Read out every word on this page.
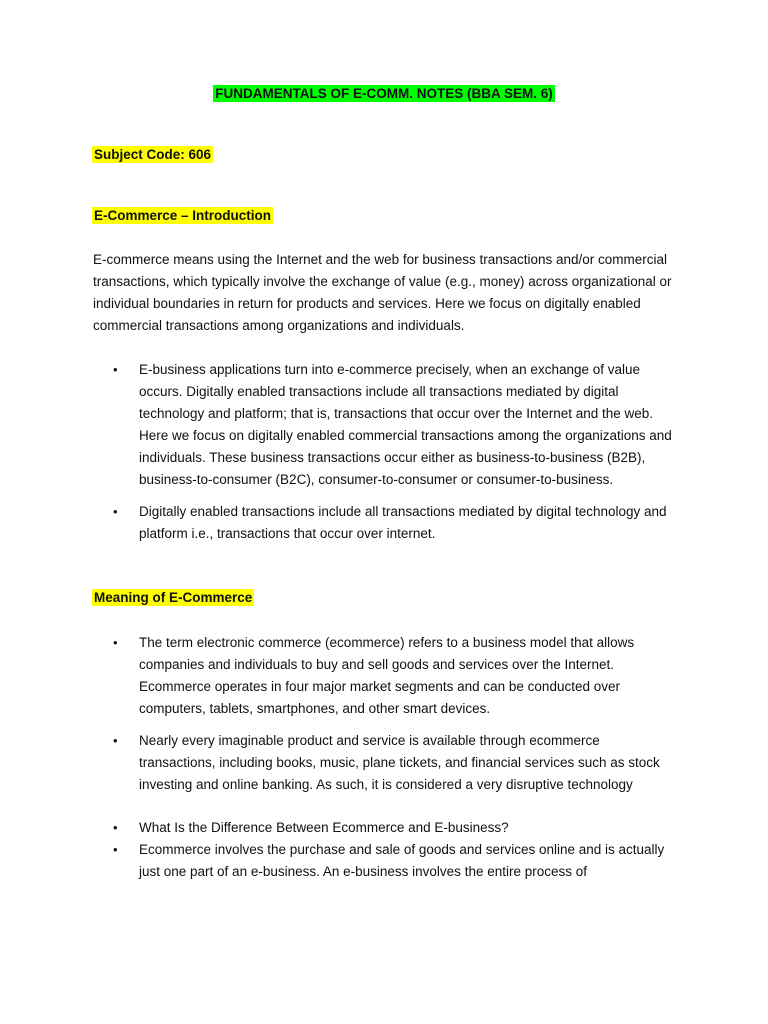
FUNDAMENTALS OF E-COMM. NOTES (BBA SEM. 6)
Subject Code: 606
E-Commerce – Introduction

E-commerce means using the Internet and the web for business transactions and/or commercial transactions, which typically involve the exchange of value (e.g., money) across organizational or individual boundaries in return for products and services. Here we focus on digitally enabled commercial transactions among organizations and individuals.

• E-business applications turn into e-commerce precisely, when an exchange of value occurs. Digitally enabled transactions include all transactions mediated by digital technology and platform; that is, transactions that occur over the Internet and the web. Here we focus on digitally enabled commercial transactions among the organizations and individuals. These business transactions occur either as business-to-business (B2B), business-to-consumer (B2C), consumer-to-consumer or consumer-to-business.
• Digitally enabled transactions include all transactions mediated by digital technology and platform i.e., transactions that occur over internet.
Meaning of E-Commerce
• The term electronic commerce (ecommerce) refers to a business model that allows companies and individuals to buy and sell goods and services over the Internet. Ecommerce operates in four major market segments and can be conducted over computers, tablets, smartphones, and other smart devices.
• Nearly every imaginable product and service is available through ecommerce transactions, including books, music, plane tickets, and financial services such as stock investing and online banking. As such, it is considered a very disruptive technology
• What Is the Difference Between Ecommerce and E-business?
• Ecommerce involves the purchase and sale of goods and services online and is actually just one part of an e-business. An e-business involves the entire process of
